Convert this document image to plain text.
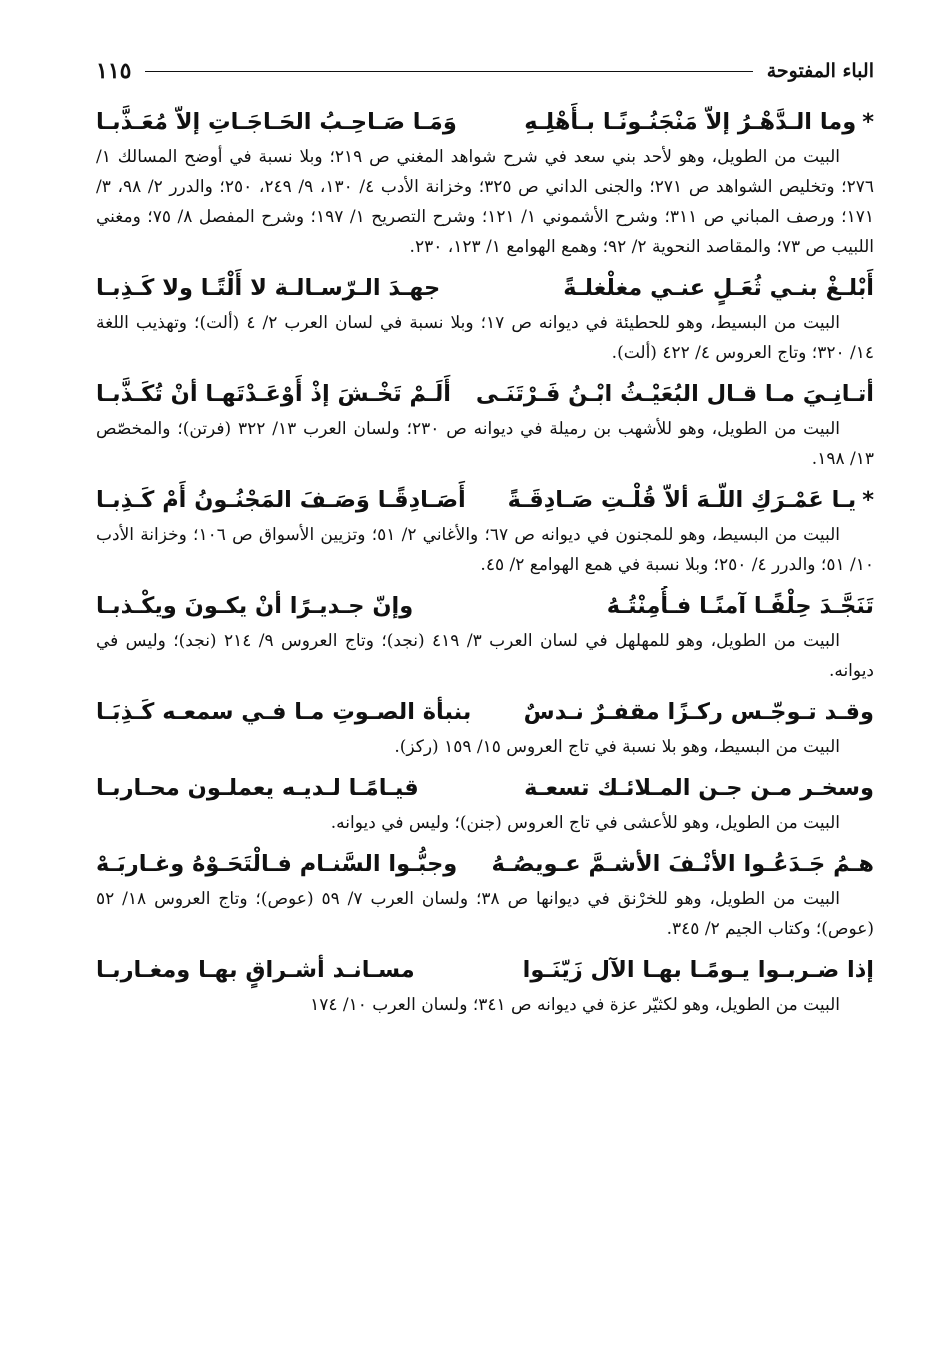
الباء المفتوحة
١١٥
*
وما الـدَّهْـرُ إلاّ مَنْجَنُـونًـا بـأَهْلِـهِ
وَمَـا صَـاحِـبُ الحَـاجَـاتِ إلاّ مُعَـذَّبـا
البيت من الطويل، وهو لأحد بني سعد في شرح شواهد المغني ص ٢١٩؛ وبلا نسبة في أوضح المسالك ١/ ٢٧٦؛ وتخليص الشواهد ص ٢٧١؛ والجنى الداني ص ٣٢٥؛ وخزانة الأدب ٤/ ١٣٠، ٩/ ٢٤٩، ٢٥٠؛ والدرر ٢/ ٩٨، ٣/ ١٧١؛ ورصف المباني ص ٣١١؛ وشرح الأشموني ١/ ١٢١؛ وشرح التصريح ١/ ١٩٧؛ وشرح المفصل ٨/ ٧٥؛ ومغني اللبيب ص ٧٣؛ والمقاصد النحوية ٢/ ٩٢؛ وهمع الهوامع ١/ ١٢٣، ٢٣٠.
أَبْلـغْ بنـي ثُعَـلٍ عنـي مغلْغلـةً
جهـدَ الـرّسـالـة لا أَلْتًـا ولا كَـذِبـا
البيت من البسيط، وهو للحطيئة في ديوانه ص ١٧؛ وبلا نسبة في لسان العرب ٢/ ٤ (ألت)؛ وتهذيب اللغة ١٤/ ٣٢٠؛ وتاج العروس ٤/ ٤٢٢ (ألت).
أتـانِـيَ مـا قـال البُعَيْـثُ ابْـنُ فَـرْتَنَـى
أَلَـمْ تَخْـشَ إذْ أَوْعَـدْتَهـا أنْ تُكَـذَّبـا
البيت من الطويل، وهو للأشهب بن رميلة في ديوانه ص ٢٣٠؛ ولسان العرب ١٣/ ٣٢٢ (فرتن)؛ والمخصّص ١٣/ ١٩٨.
*
يـا عَمْـرَكِ اللّـهَ ألاّ قُلْـتِ صَـادِقَـةً
أَصَـادِقًـا وَصَـفَ المَجْنُـونُ أَمْ كَـذِبـا
البيت من البسيط، وهو للمجنون في ديوانه ص ٦٧؛ والأغاني ٢/ ٥١؛ وتزيين الأسواق ص ١٠٦؛ وخزانة الأدب ١٠/ ٥١؛ والدرر ٤/ ٢٥٠؛ وبلا نسبة في همع الهوامع ٢/ ٤٥.
تَنَجَّـدَ حِلْفًـا آمنًـا فـأُمِنْتُـهُ
وإنّ جـديـرًا أنْ يكـونَ ويكْـذبـا
البيت من الطويل، وهو للمهلهل في لسان العرب ٣/ ٤١٩ (نجد)؛ وتاج العروس ٩/ ٢١٤ (نجد)؛ وليس في ديوانه.
وقـد تـوجّـس ركـزًا مقفـرٌ نـدسٌ
بنبأة الصـوتِ مـا فـي سمعـه كَـذِبَـا
البيت من البسيط، وهو بلا نسبة في تاج العروس ١٥/ ١٥٩ (ركز).
وسخـر مـن جـن المـلائـك تسعـة
قيـامًـا لـديـه يعملـون محـاربـا
البيت من الطويل، وهو للأعشى في تاج العروس (جنن)؛ وليس في ديوانه.
هـمُ جَـدَعُـوا الأنْـفَ الأشـمَّ عـويصُـهُ
وجبُّـوا السَّنـام فـالْتَحَـوْهُ وغـاربَـهْ
البيت من الطويل، وهو للخرْنق في ديوانها ص ٣٨؛ ولسان العرب ٧/ ٥٩ (عوص)؛ وتاج العروس ١٨/ ٥٢ (عوص)؛ وكتاب الجيم ٢/ ٣٤٥.
إذا ضـربـوا يـومًـا بهـا الآل زَيّنَـوا
مسـانـد أشـراقٍ بهـا ومغـاربـا
البيت من الطويل، وهو لكثيّر عزة في ديوانه ص ٣٤١؛ ولسان العرب ١٠/ ١٧٤
